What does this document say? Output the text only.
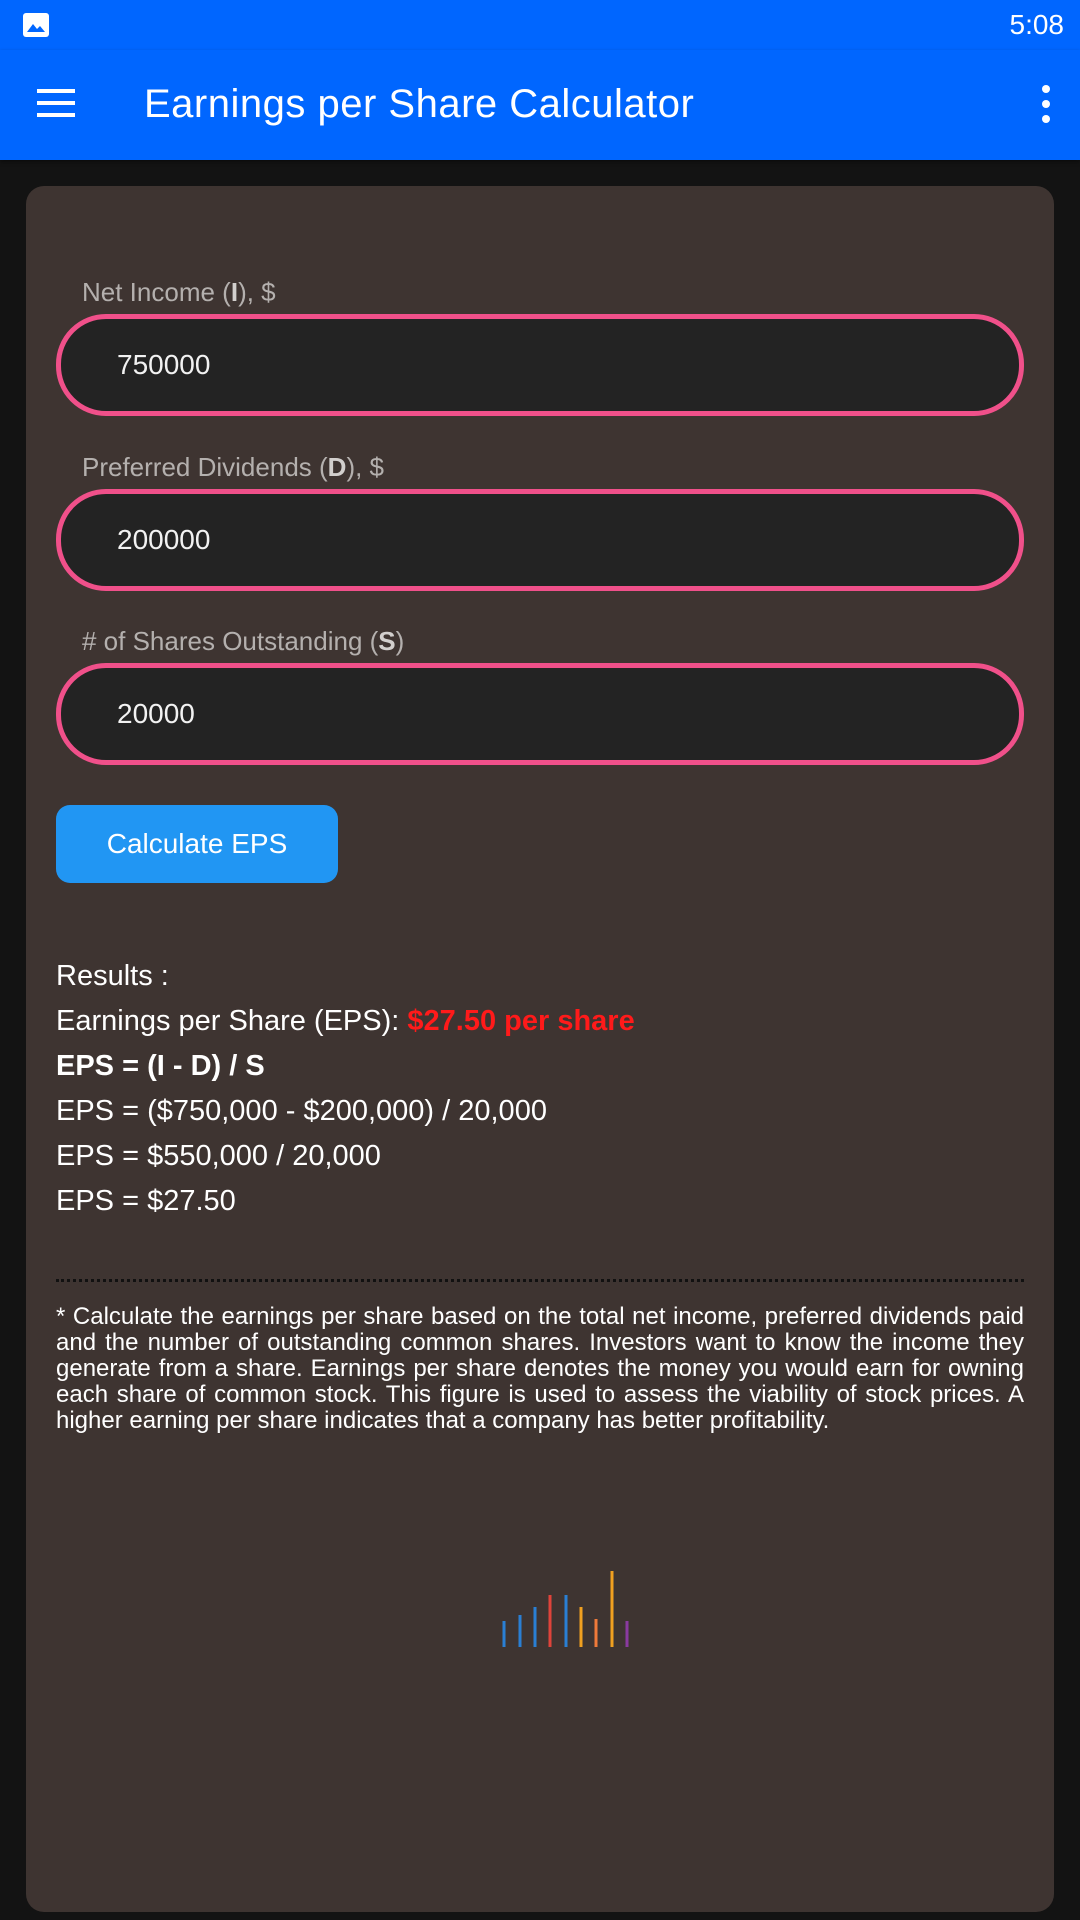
5:08
Earnings per Share Calculator
Net Income (I), $
750000
Preferred Dividends (D), $
200000
# of Shares Outstanding (S)
20000
Calculate EPS
Results :
Earnings per Share (EPS): $27.50 per share
EPS = (I - D) / S
EPS = ($750,000 - $200,000) / 20,000
EPS = $550,000 / 20,000
EPS = $27.50
* Calculate the earnings per share based on the total net income, preferred dividends paid and the number of outstanding common shares. Investors want to know the income they generate from a share. Earnings per share denotes the money you would earn for owning each share of common stock. This figure is used to assess the viability of stock prices. A higher earning per share indicates that a company has better profitability.
